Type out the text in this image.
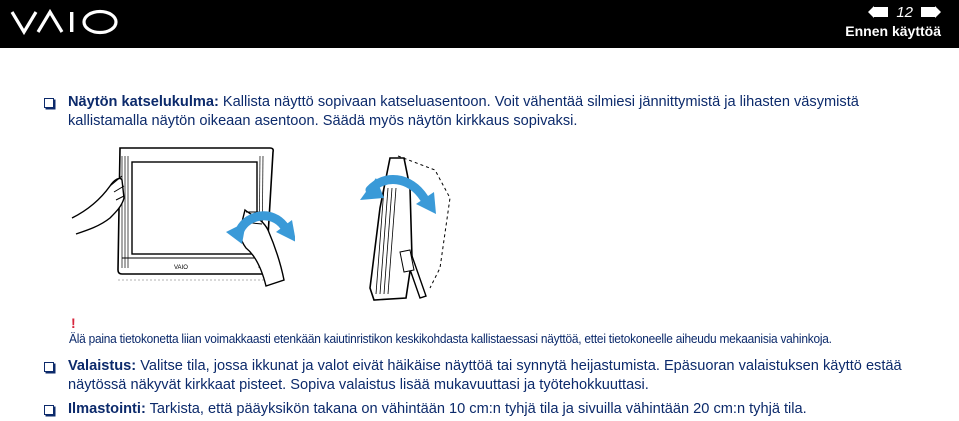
12
Ennen käyttöä

Näytön katselukulma: Kallista näyttö sopivaan katseluasentoon. Voit vähentää silmiesi jännittymistä ja lihasten väsymistä kallistamalla näytön oikeaan asentoon. Säädä myös näytön kirkkaus sopivaksi.

VAIO
!
Älä paina tietokonetta liian voimakkaasti etenkään kaiutinristikon keskikohdasta kallistaessasi näyttöä, ettei tietokoneelle aiheudu mekaanisia vahinkoja.

Valaistus: Valitse tila, jossa ikkunat ja valot eivät häikäise näyttöä tai synnytä heijastumista. Epäsuoran valaistuksen käyttö estää näytössä näkyvät kirkkaat pisteet. Sopiva valaistus lisää mukavuuttasi ja työtehokkuuttasi.

Ilmastointi: Tarkista, että pääyksikön takana on vähintään 10 cm:n tyhjä tila ja sivuilla vähintään 20 cm:n tyhjä tila.
